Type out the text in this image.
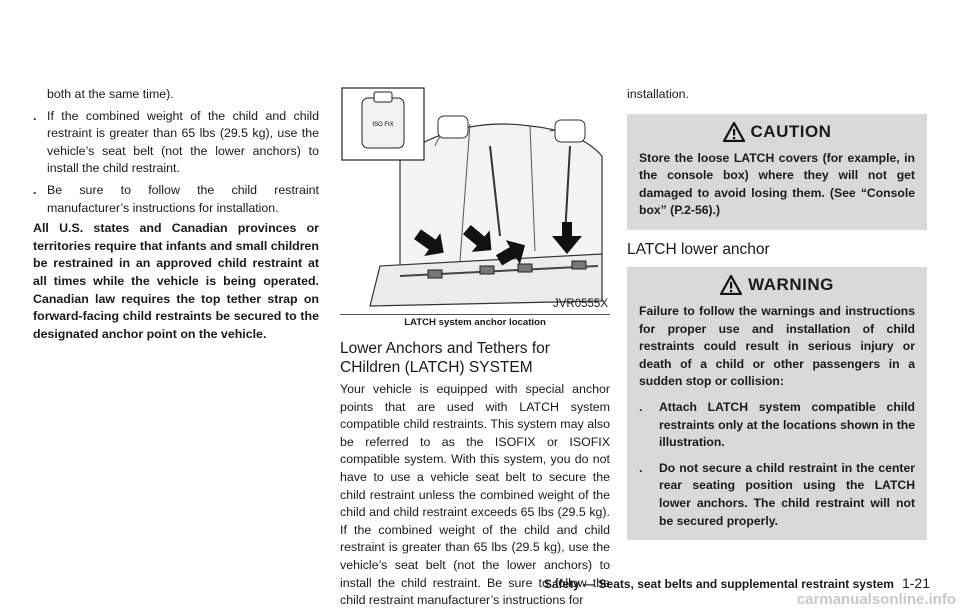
both at the same time).

. If the combined weight of the child and child restraint is greater than 65 lbs (29.5 kg), use the vehicle’s seat belt (not the lower anchors) to install the child restraint.
. Be sure to follow the child restraint manufacturer’s instructions for installation.

All U.S. states and Canadian provinces or territories require that infants and small children be restrained in an approved child restraint at all times while the vehicle is being operated. Canadian law requires the top tether strap on forward-facing child restraints be secured to the designated anchor point on the vehicle.

ISO FIX
JVR0555X
LATCH system anchor location
Lower Anchors and Tethers for CHildren (LATCH) SYSTEM

Your vehicle is equipped with special anchor points that are used with LATCH system compatible child restraints. This system may also be referred to as the ISOFIX or ISOFIX compatible system. With this system, you do not have to use a vehicle seat belt to secure the child restraint unless the combined weight of the child and child restraint exceeds 65 lbs (29.5 kg). If the combined weight of the child and child restraint is greater than 65 lbs (29.5 kg), use the vehicle’s seat belt (not the lower anchors) to install the child restraint. Be sure to follow the child restraint manufacturer’s instructions for

installation.

CAUTION
Store the loose LATCH covers (for example, in the console box) where they will not get damaged to avoid losing them. (See “Console box” (P.2-56).)
LATCH lower anchor
WARNING
Failure to follow the warnings and instructions for proper use and installation of child restraints could result in serious injury or death of a child or other passengers in a sudden stop or collision:
. Attach LATCH system compatible child restraints only at the locations shown in the illustration.
. Do not secure a child restraint in the center rear seating position using the LATCH lower anchors. The child restraint will not be secured properly.
Safety — Seats, seat belts and supplemental restraint system 1-21
carmanualsonline.info
